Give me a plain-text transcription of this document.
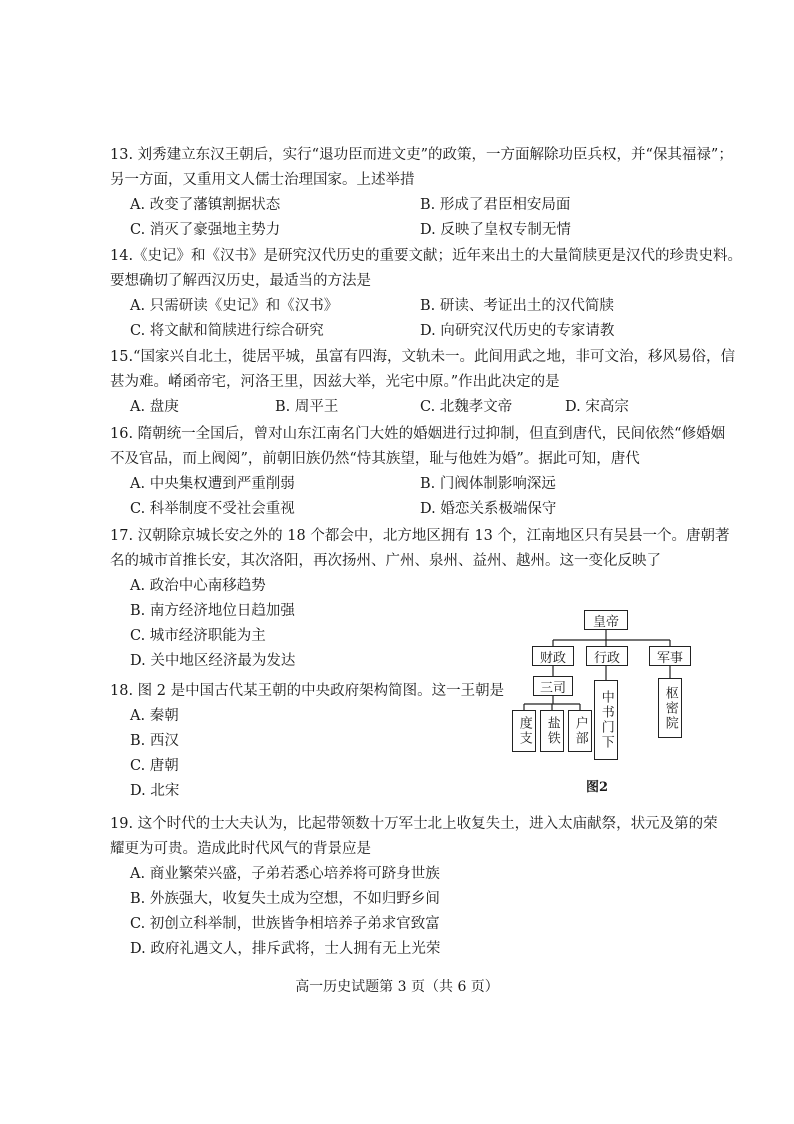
13. 刘秀建立东汉王朝后，实行“退功臣而进文吏”的政策，一方面解除功臣兵权，并“保其福禄”；
另一方面，又重用文人儒士治理国家。上述举措
A. 改变了藩镇割据状态	B. 形成了君臣相安局面
C. 消灭了豪强地主势力	D. 反映了皇权专制无情
14.《史记》和《汉书》是研究汉代历史的重要文献；近年来出土的大量简牍更是汉代的珍贵史料。
要想确切了解西汉历史，最适当的方法是
A. 只需研读《史记》和《汉书》	B. 研读、考证出土的汉代简牍
C. 将文献和简牍进行综合研究	D. 向研究汉代历史的专家请教
15.“国家兴自北土，徙居平城，虽富有四海，文轨未一。此间用武之地，非可文治，移风易俗，信
甚为难。崤函帝宅，河洛王里，因兹大举，光宅中原。”作出此决定的是
A. 盘庚	B. 周平王	C. 北魏孝文帝	D. 宋高宗
16. 隋朝统一全国后，曾对山东江南名门大姓的婚姻进行过抑制，但直到唐代，民间依然“修婚姻
不及官品，而上阀阅”，前朝旧族仍然“恃其族望，耻与他姓为婚”。据此可知，唐代
A. 中央集权遭到严重削弱	B. 门阀体制影响深远
C. 科举制度不受社会重视	D. 婚恋关系极端保守
17. 汉朝除京城长安之外的 18 个都会中，北方地区拥有 13 个，江南地区只有吴县一个。唐朝著
名的城市首推长安，其次洛阳，再次扬州、广州、泉州、益州、越州。这一变化反映了
A. 政治中心南移趋势
B. 南方经济地位日趋加强
C. 城市经济职能为主
D. 关中地区经济最为发达
18. 图 2 是中国古代某王朝的中央政府架构简图。这一王朝是
A. 秦朝
B. 西汉
C. 唐朝
D. 北宋
皇帝
财政	行政	军事
三司
度支	盐铁	户部 中书门下	枢密院
图2
19. 这个时代的士大夫认为，比起带领数十万军士北上收复失土，进入太庙献祭，状元及第的荣
耀更为可贵。造成此时代风气的背景应是
A. 商业繁荣兴盛，子弟若悉心培养将可跻身世族
B. 外族强大，收复失土成为空想，不如归野乡间
C. 初创立科举制，世族皆争相培养子弟求官致富
D. 政府礼遇文人，排斥武将，士人拥有无上光荣
高一历史试题第 3 页（共 6 页）
